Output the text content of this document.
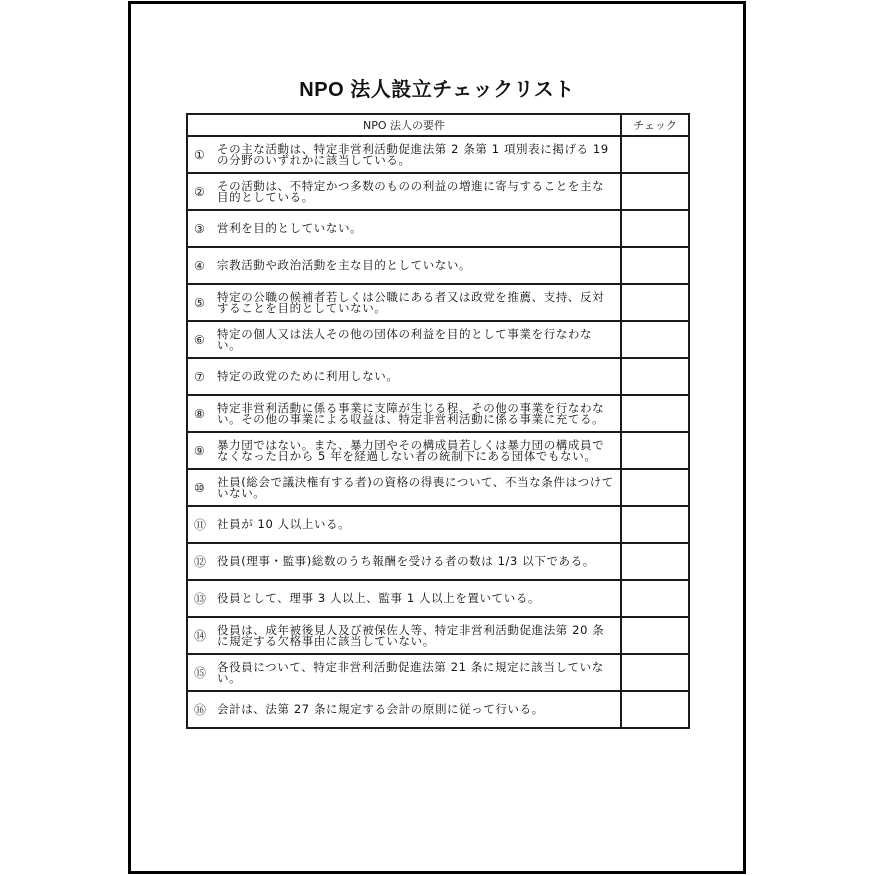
NPO 法人設立チェックリスト
NPO 法人の要件	チェック

① その主な活動は、特定非営利活動促進法第 2 条第 1 項別表に掲げる 19 の分野のいずれかに該当している。	

② その活動は、不特定かつ多数のものの利益の増進に寄与することを主な目的としている。	

③ 営利を目的としていない。	

④ 宗教活動や政治活動を主な目的としていない。	

⑤ 特定の公職の候補者若しくは公職にある者又は政党を推薦、支持、反対することを目的としていない。	

⑥ 特定の個人又は法人その他の団体の利益を目的として事業を行なわない。	

⑦ 特定の政党のために利用しない。	

⑧ 特定非営利活動に係る事業に支障が生じる程、その他の事業を行なわない。その他の事業による収益は、特定非営利活動に係る事業に充てる。	

⑨ 暴力団ではない。また、暴力団やその構成員若しくは暴力団の構成員でなくなった日から 5 年を経過しない者の統制下にある団体でもない。	

⑩ 社員(総会で議決権有する者)の資格の得喪について、不当な条件はつけていない。	

⑪ 社員が 10 人以上いる。	

⑫ 役員(理事・監事)総数のうち報酬を受ける者の数は 1/3 以下である。	

⑬ 役員として、理事 3 人以上、監事 1 人以上を置いている。	

⑭ 役員は、成年被後見人及び被保佐人等、特定非営利活動促進法第 20 条に規定する欠格事由に該当していない。	

⑮ 各役員について、特定非営利活動促進法第 21 条に規定に該当していない。	

⑯ 会計は、法第 27 条に規定する会計の原則に従って行いる。	
